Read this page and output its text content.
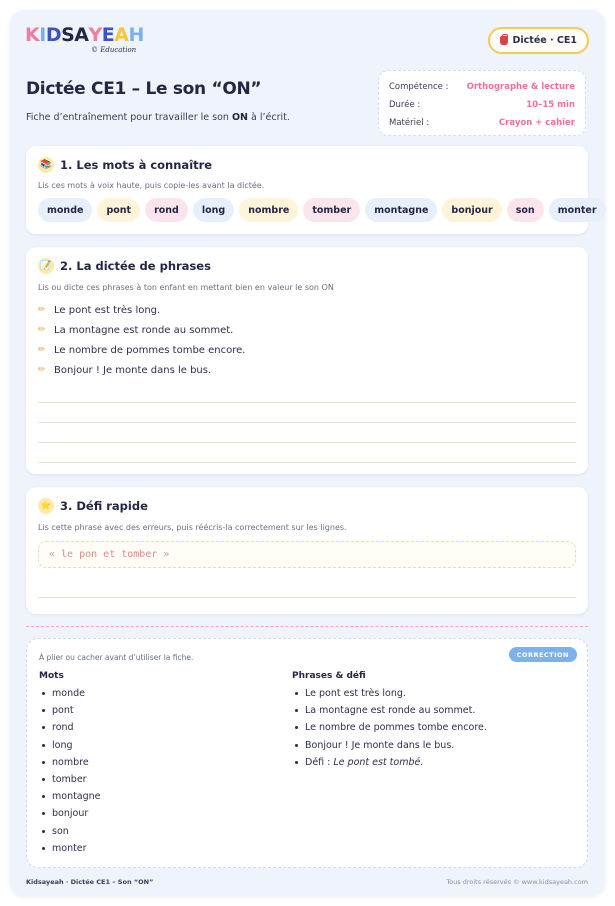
KIDSAYEAH
© Education
Dictée · CE1
Dictée CE1 – Le son “ON”
Fiche d’entraînement pour travailler le son ON à l’écrit.
Compétence : Orthographe & lecture
Durée :	10–15 min
Matériel :	Crayon + cahier
📚 1. Les mots à connaître
Lis ces mots à voix haute, puis copie-les avant la dictée.
monde	pont	rond	long	nombre	tomber	montagne	bonjour	son	monter
📝 2. La dictée de phrases
Lis ou dicte ces phrases à ton enfant en mettant bien en valeur le son ON
✏ Le pont est très long.
✏ La montagne est ronde au sommet.
✏ Le nombre de pommes tombe encore.
✏ Bonjour ! Je monte dans le bus.
⭐ 3. Défi rapide
Lis cette phrase avec des erreurs, puis réécris-la correctement sur les lignes.
« le pon et tomber »
CORRECTION
À plier ou cacher avant d’utiliser la fiche.
Mots
monde
pont
rond
long
nombre
tomber
montagne
bonjour
son
monter
Phrases & défi
Le pont est très long.
La montagne est ronde au sommet.
Le nombre de pommes tombe encore.
Bonjour ! Je monte dans le bus.
Défi : Le pont est tombé.
Kidsayeah · Dictée CE1 – Son “ON”	Tous droits réservés © www.kidsayeah.com
